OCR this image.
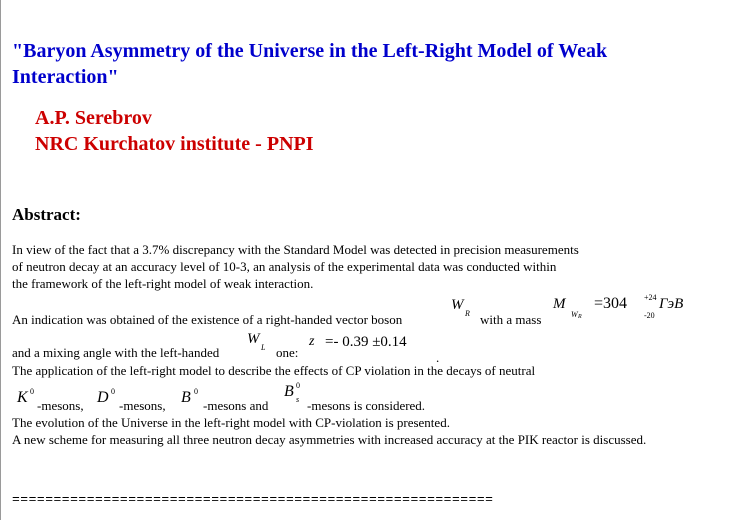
"Baryon Asymmetry of the Universe in the Left-Right Model of Weak Interaction"
A.P. Serebrov
NRC Kurchatov institute - PNPI
Abstract:
In view of the fact that a 3.7% discrepancy with the Standard Model was detected in precision measurements
of neutron decay at an accuracy level of 10-3, an analysis of the experimental data was conducted within
the framework of the left-right model of weak interaction.
An indication was obtained of the existence of a right-handed vector boson
W
R with a mass
M
W R
=304 +24
-20
ГэВ
and a mixing angle with the left-handed
W
L one:
z =- 0.39 ±0.14
.
The application of the left-right model to describe the effects of CP violation in the decays of neutral
K 0
-mesons, D 0
-mesons, B 0
-mesons and
B 0
s -mesons is considered.
The evolution of the Universe in the left-right model with CP-violation is presented.
A new scheme for measuring all three neutron decay asymmetries with increased accuracy at the PIK reactor is discussed.
==========================================================
